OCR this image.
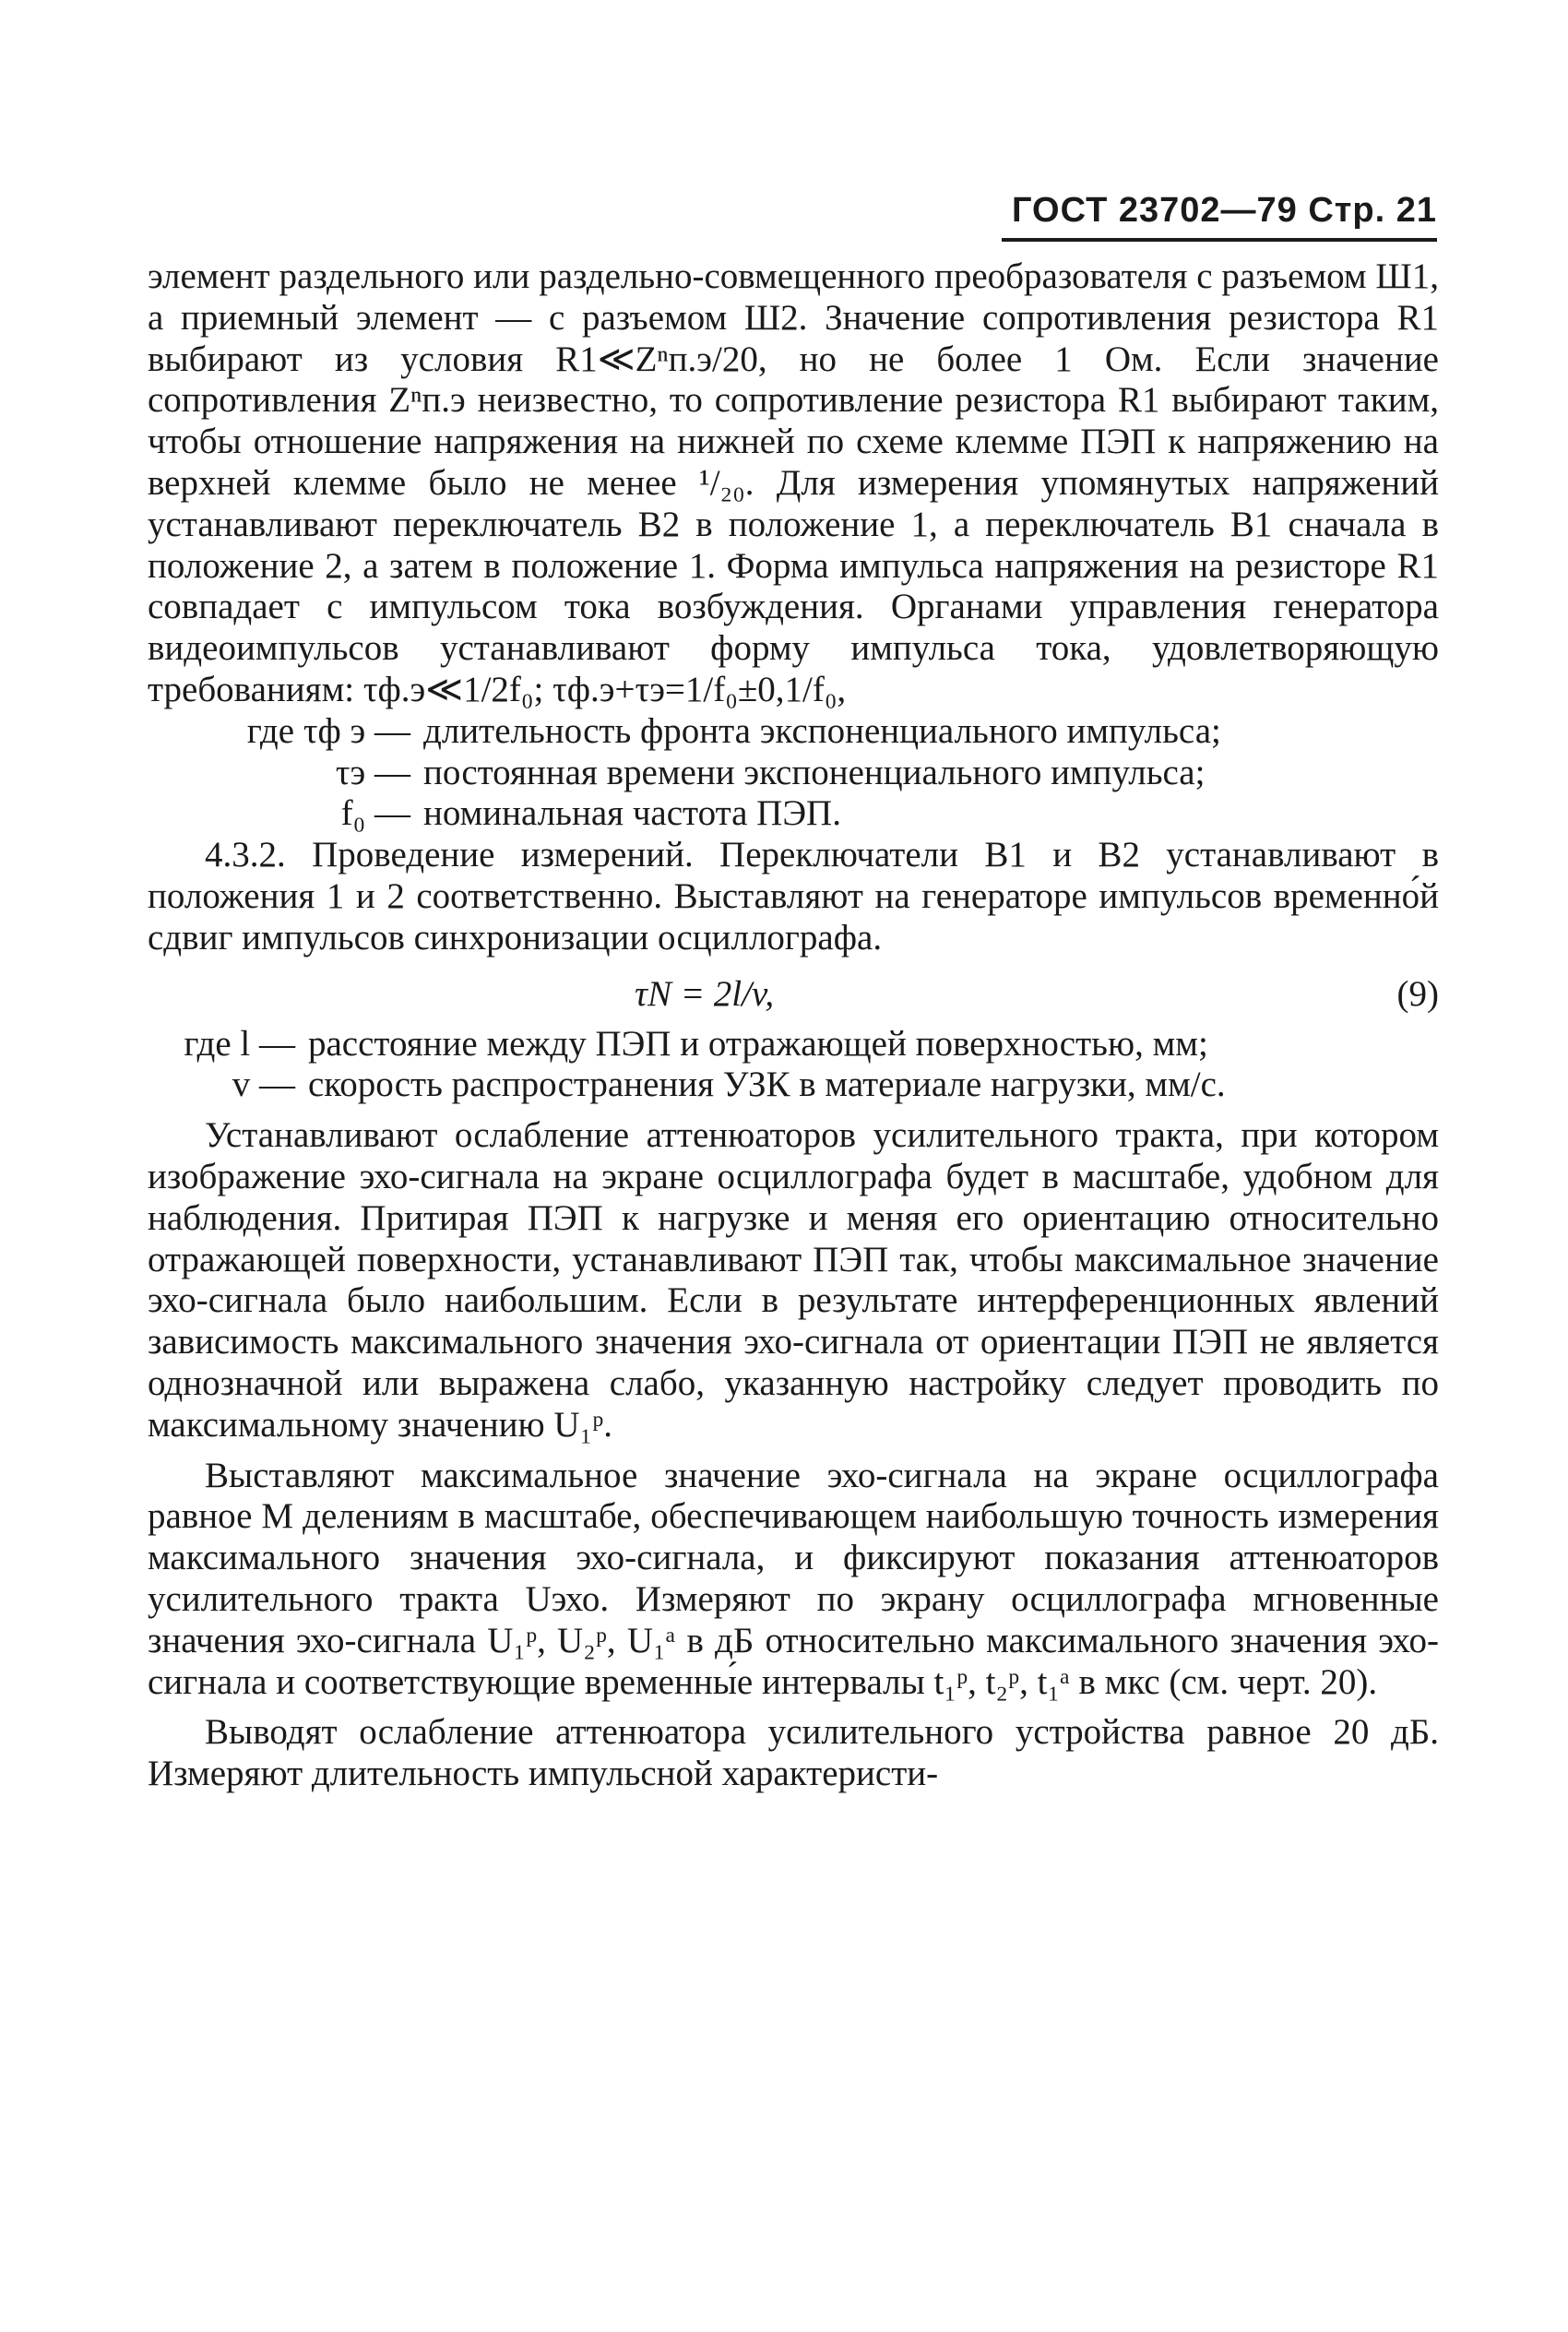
ГОСТ 23702—79 Стр. 21

элемент раздельного или раздельно-совмещенного преобразователя с разъемом Ш1, а приемный элемент — с разъемом Ш2. Значение сопротивления резистора R1 выбирают из условия R1≪Zⁿп.э/20, но не более 1 Ом. Если значение сопротивления Zⁿп.э неизвестно, то сопротивление резистора R1 выбирают таким, чтобы отношение напряжения на нижней по схеме клемме ПЭП к напряжению на верхней клемме было не менее ¹/₂₀. Для измерения упомянутых напряжений устанавливают переключатель В2 в положение 1, а переключатель В1 сначала в положение 2, а затем в положение 1. Форма импульса напряжения на резисторе R1 совпадает с импульсом тока возбуждения. Органами управления генератора видеоимпульсов устанавливают форму импульса тока, удовлетворяющую требованиям: τф.э≪1/2f₀; τф.э+τэ=1/f₀±0,1/f₀,

где τф э — длительность фронта экспоненциального импульса;
τэ — постоянная времени экспоненциального импульса;
f₀ — номинальная частота ПЭП.

4.3.2. Проведение измерений. Переключатели В1 и В2 устанавливают в положения 1 и 2 соответственно. Выставляют на генераторе импульсов временно́й сдвиг импульсов синхронизации осциллографа.

τN = 2l/v,	(9)
где l — расстояние между ПЭП и отражающей поверхностью, мм;
v — скорость распространения УЗК в материале нагрузки, мм/с.

Устанавливают ослабление аттенюаторов усилительного тракта, при котором изображение эхо-сигнала на экране осциллографа будет в масштабе, удобном для наблюдения. Притирая ПЭП к нагрузке и меняя его ориентацию относительно отражающей поверхности, устанавливают ПЭП так, чтобы максимальное значение эхо-сигнала было наибольшим. Если в результате интерференционных явлений зависимость максимального значения эхо-сигнала от ориентации ПЭП не является однозначной или выражена слабо, указанную настройку следует проводить по максимальному значению U₁ᵖ.

Выставляют максимальное значение эхо-сигнала на экране осциллографа равное M делениям в масштабе, обеспечивающем наибольшую точность измерения максимального значения эхо-сигнала, и фиксируют показания аттенюаторов усилительного тракта Uэхо. Измеряют по экрану осциллографа мгновенные значения эхо-сигнала U₁ᵖ, U₂ᵖ, U₁ᵃ в дБ относительно максимального значения эхо-сигнала и соответствующие временны́е интервалы t₁ᵖ, t₂ᵖ, t₁ᵃ в мкс (см. черт. 20).

Выводят ослабление аттенюатора усилительного устройства равное 20 дБ. Измеряют длительность импульсной характеристи-
